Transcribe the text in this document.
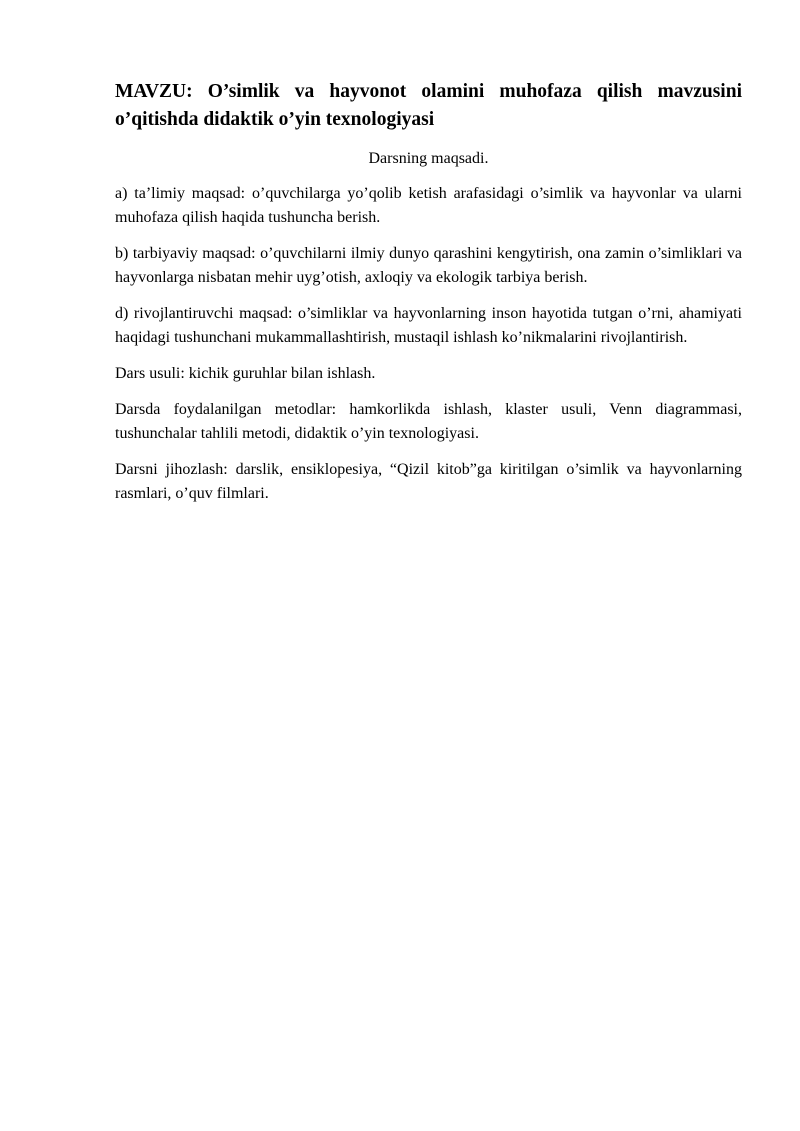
MAVZU: O’simlik va hayvonot olamini muhofaza qilish mavzusini o’qitishda didaktik o’yin texnologiyasi

Darsning maqsadi.

a) ta’limiy maqsad: o’quvchilarga yo’qolib ketish arafasidagi o’simlik va hayvonlar va ularni muhofaza qilish haqida tushuncha berish.

b) tarbiyaviy maqsad: o’quvchilarni ilmiy dunyo qarashini kengytirish, ona zamin o’simliklari va hayvonlarga nisbatan mehir uyg’otish, axloqiy va ekologik tarbiya berish.

d) rivojlantiruvchi maqsad: o’simliklar va hayvonlarning inson hayotida tutgan o’rni, ahamiyati haqidagi tushunchani mukammallashtirish, mustaqil ishlash ko’nikmalarini rivojlantirish.

Dars usuli: kichik guruhlar bilan ishlash.

Darsda foydalanilgan metodlar: hamkorlikda ishlash, klaster usuli, Venn diagrammasi, tushunchalar tahlili metodi, didaktik o’yin texnologiyasi.

Darsni jihozlash: darslik, ensiklopesiya, “Qizil kitob”ga kiritilgan o’simlik va hayvonlarning rasmlari, o’quv filmlari.
